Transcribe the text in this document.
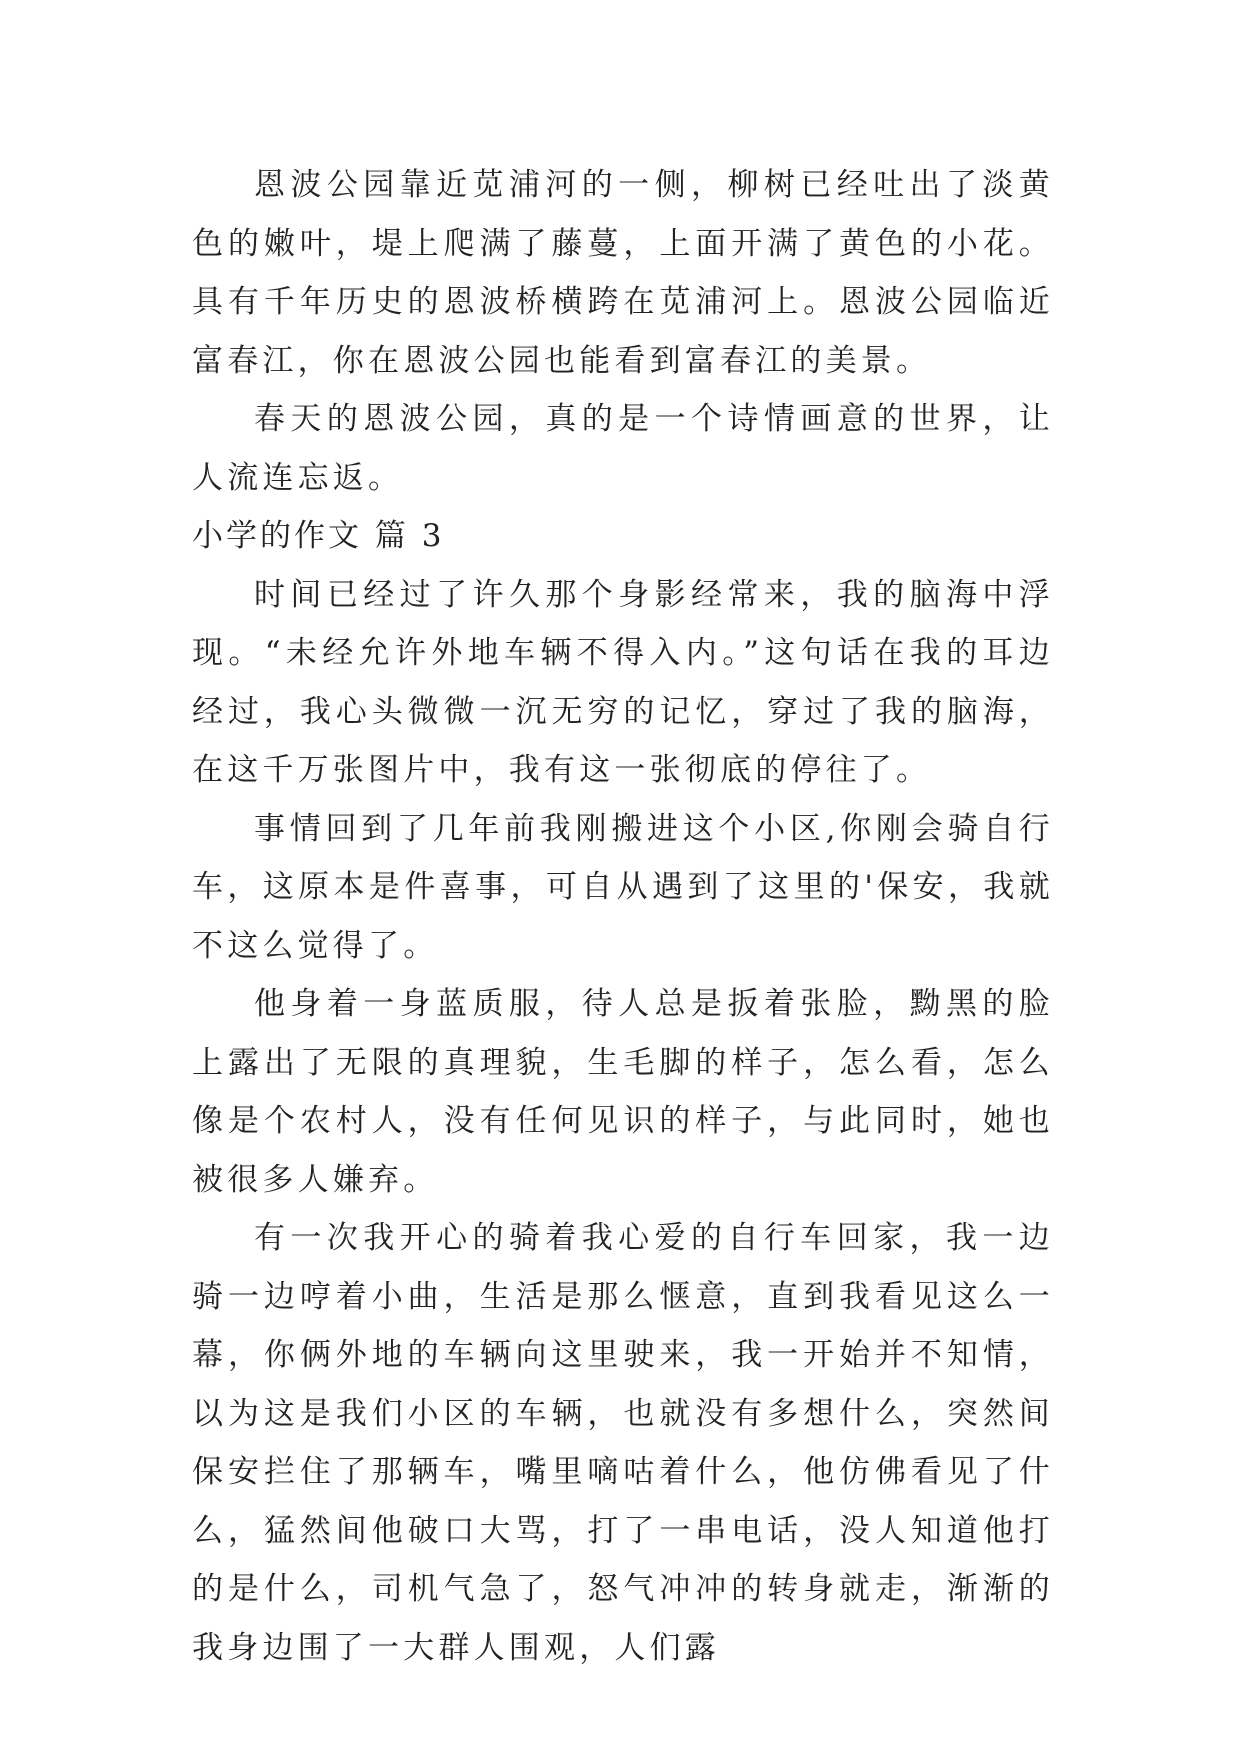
恩波公园靠近苋浦河的一侧，柳树已经吐出了淡黄色的嫩叶，堤上爬满了藤蔓，上面开满了黄色的小花。具有千年历史的恩波桥横跨在苋浦河上。恩波公园临近富春江，你在恩波公园也能看到富春江的美景。

春天的恩波公园，真的是一个诗情画意的世界，让人流连忘返。

小学的作文 篇 3

时间已经过了许久那个身影经常来，我的脑海中浮现。“未经允许外地车辆不得入内。”这句话在我的耳边经过，我心头微微一沉无穷的记忆，穿过了我的脑海，在这千万张图片中，我有这一张彻底的停往了。

事情回到了几年前我刚搬进这个小区,你刚会骑自行车，这原本是件喜事，可自从遇到了这里的'保安，我就不这么觉得了。

他身着一身蓝质服，待人总是扳着张脸，黝黑的脸上露出了无限的真理貌，生毛脚的样子，怎么看，怎么像是个农村人，没有任何见识的样子，与此同时，她也被很多人嫌弃。

有一次我开心的骑着我心爱的自行车回家，我一边骑一边哼着小曲，生活是那么惬意，直到我看见这么一幕，你俩外地的车辆向这里驶来，我一开始并不知情，以为这是我们小区的车辆，也就没有多想什么，突然间保安拦住了那辆车，嘴里嘀咕着什么，他仿佛看见了什么，猛然间他破口大骂，打了一串电话，没人知道他打的是什么，司机气急了，怒气冲冲的转身就走，渐渐的我身边围了一大群人围观，人们露
